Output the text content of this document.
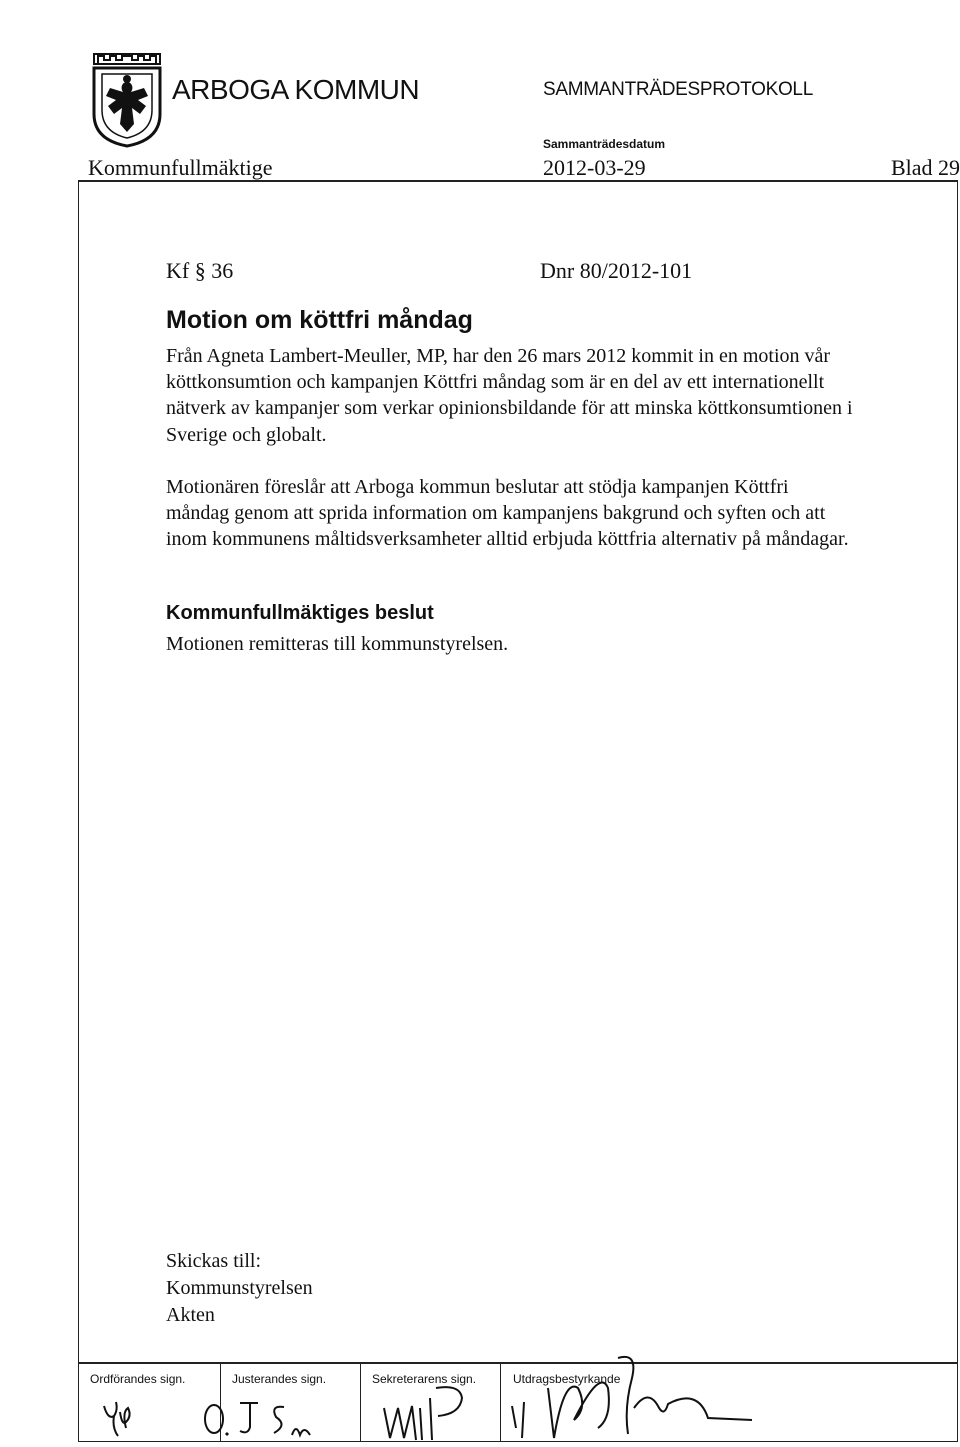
ARBOGA KOMMUN	SAMMANTRÄDESPROTOKOLL
Sammanträdesdatum
Kommunfullmäktige	2012-03-29	Blad 29
Kf § 36	Dnr 80/2012-101
Motion om köttfri måndag
Från Agneta Lambert-Meuller, MP, har den 26 mars 2012 kommit in en motion vår köttkonsumtion och kampanjen Köttfri måndag som är en del av ett internationellt nätverk av kampanjer som verkar opinionsbildande för att minska köttkonsumtionen i Sverige och globalt.
Motionären föreslår att Arboga kommun beslutar att stödja kampanjen Köttfri måndag genom att sprida information om kampanjens bakgrund och syften och att inom kommunens måltidsverksamheter alltid erbjuda köttfria alternativ på måndagar.
Kommunfullmäktiges beslut
Motionen remitteras till kommunstyrelsen.
Skickas till:
Kommunstyrelsen
Akten
Ordförandes sign.	Justerandes sign.	Sekreterarens sign.	Utdragsbestyrkande
